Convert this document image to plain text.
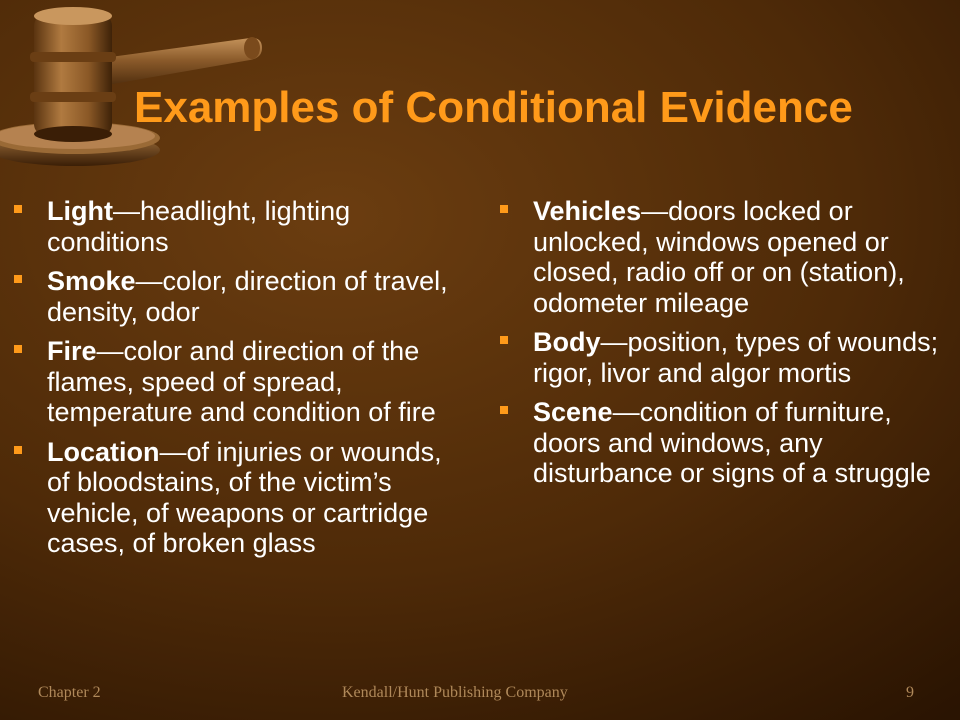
Examples of Conditional Evidence
Light—headlight, lighting conditions
Smoke—color, direction of travel, density, odor
Fire—color and direction of the flames, speed of spread, temperature and condition of fire
Location—of injuries or wounds, of bloodstains, of the victim’s vehicle, of weapons or cartridge cases, of broken glass
Vehicles—doors locked or unlocked, windows opened or closed, radio off or on (station), odometer mileage
Body—position, types of wounds; rigor, livor and algor mortis
Scene—condition of furniture, doors and windows, any disturbance or signs of a struggle
Chapter 2	Kendall/Hunt Publishing Company	9
